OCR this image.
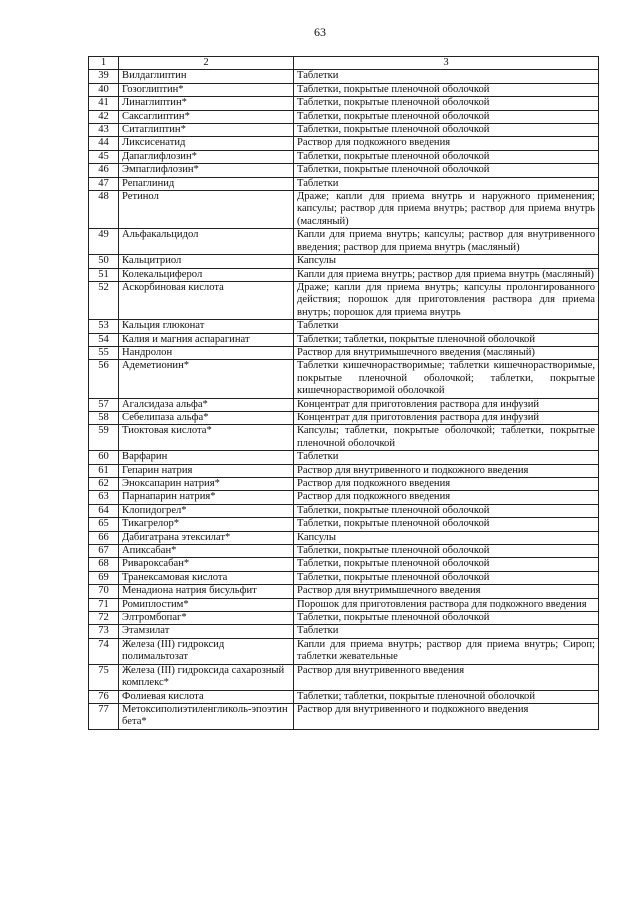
63
1	2	3
39	Вилдаглиптин	Таблетки
40	Гозоглиптин*	Таблетки, покрытые пленочной оболочкой
41	Линаглиптин*	Таблетки, покрытые пленочной оболочкой
42	Саксаглиптин*	Таблетки, покрытые пленочной оболочкой
43	Ситаглиптин*	Таблетки, покрытые пленочной оболочкой
44	Ликсисенатид	Раствор для подкожного введения
45	Дапаглифлозин*	Таблетки, покрытые пленочной оболочкой
46	Эмпаглифлозин*	Таблетки, покрытые пленочной оболочкой
47	Репаглинид	Таблетки
48	Ретинол	Драже; капли для приема внутрь и наружного применения; капсулы; раствор для приема внутрь; раствор для приема внутрь (масляный)
49	Альфакальцидол	Капли для приема внутрь; капсулы; раствор для внутривенного введения; раствор для приема внутрь (масляный)
50	Кальцитриол	Капсулы
51	Колекальциферол	Капли для приема внутрь; раствор для приема внутрь (масляный)
52	Аскорбиновая кислота	Драже; капли для приема внутрь; капсулы пролонгированного действия; порошок для приготовления раствора для приема внутрь; порошок для приема внутрь
53	Кальция глюконат	Таблетки
54	Калия и магния аспарагинат	Таблетки; таблетки, покрытые пленочной оболочкой
55	Нандролон	Раствор для внутримышечного введения (масляный)
56	Адеметионин*	Таблетки кишечнорастворимые; таблетки кишечнорастворимые, покрытые пленочной оболочкой; таблетки, покрытые кишечнорастворимой оболочкой
57	Агалсидаза альфа*	Концентрат для приготовления раствора для инфузий
58	Себелипаза альфа*	Концентрат для приготовления раствора для инфузий
59	Тиоктовая кислота*	Капсулы; таблетки, покрытые оболочкой; таблетки, покрытые пленочной оболочкой
60	Варфарин	Таблетки
61	Гепарин натрия	Раствор для внутривенного и подкожного введения
62	Эноксапарин натрия*	Раствор для подкожного введения
63	Парнапарин натрия*	Раствор для подкожного введения
64	Клопидогрел*	Таблетки, покрытые пленочной оболочкой
65	Тикагрелор*	Таблетки, покрытые пленочной оболочкой
66	Дабигатрана этексилат*	Капсулы
67	Апиксабан*	Таблетки, покрытые пленочной оболочкой
68	Ривароксабан*	Таблетки, покрытые пленочной оболочкой
69	Транексамовая кислота	Таблетки, покрытые пленочной оболочкой
70	Менадиона натрия бисульфит	Раствор для внутримышечного введения
71	Ромиплостим*	Порошок для приготовления раствора для подкожного введения
72	Элтромбопаг*	Таблетки, покрытые пленочной оболочкой
73	Этамзилат	Таблетки
74	Железа (III) гидроксид полимальтозат	Капли для приема внутрь; раствор для приема внутрь; Сироп; таблетки жевательные
75	Железа (III) гидроксида сахарозный комплекс*	Раствор для внутривенного введения
76	Фолиевая кислота	Таблетки; таблетки, покрытые пленочной оболочкой
77	Метоксиполиэтиленгликоль-эпоэтин бета*	Раствор для внутривенного и подкожного введения
